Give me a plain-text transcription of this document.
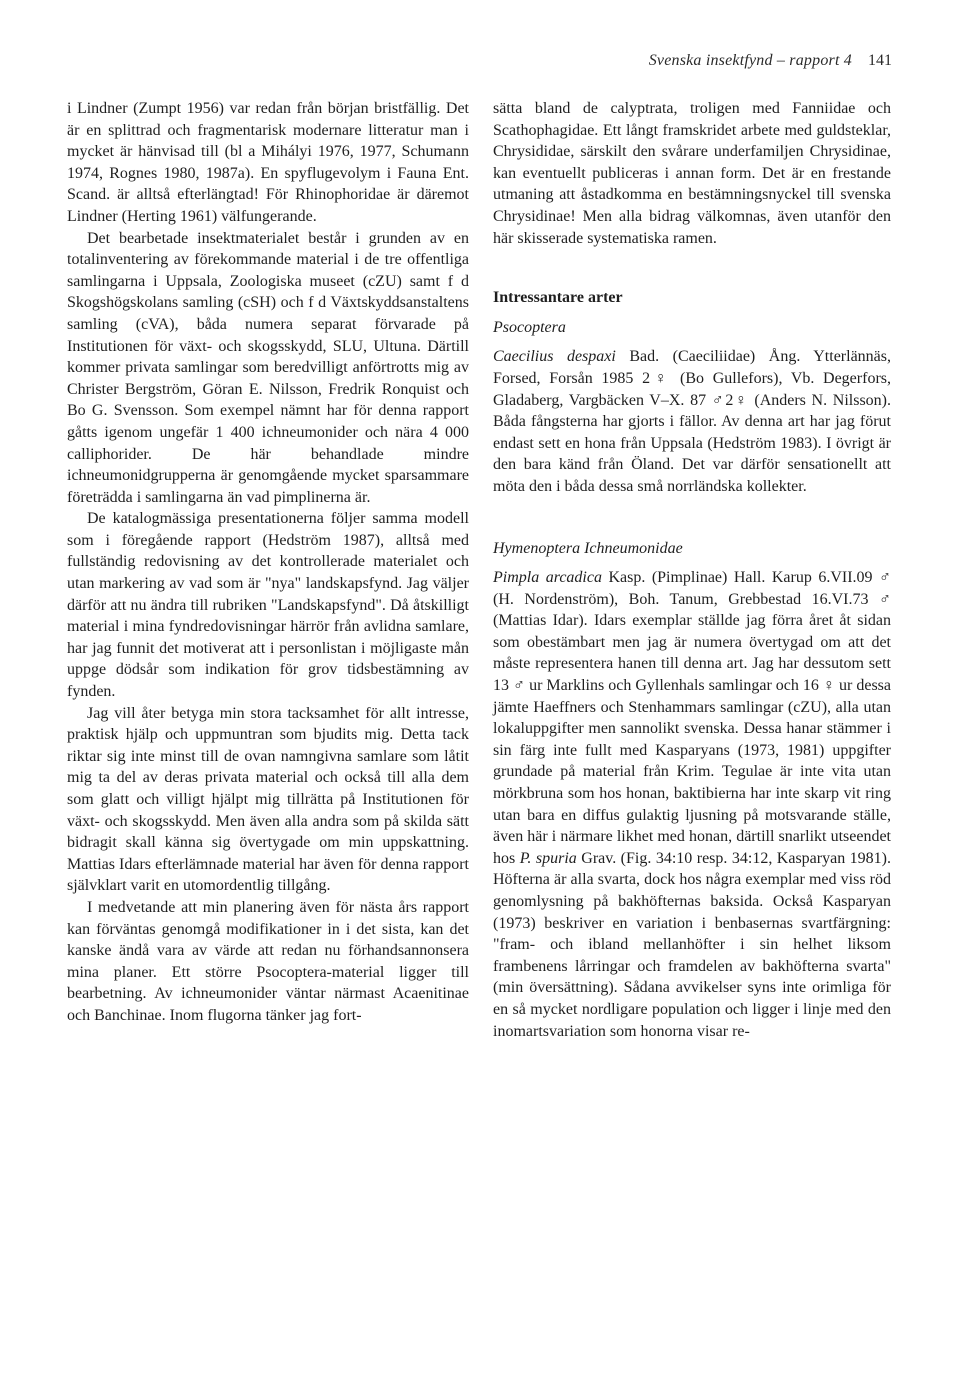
Svenska insektfynd – rapport 4 141

i Lindner (Zumpt 1956) var redan från början bristfällig. Det är en splittrad och fragmentarisk modernare litteratur man i mycket är hänvisad till (bl a Mihályi 1976, 1977, Schumann 1974, Rognes 1980, 1987a). En spyflugevolym i Fauna Ent. Scand. är alltså efterlängtad! För Rhinophoridae är däremot Lindner (Herting 1961) välfungerande.

Det bearbetade insektmaterialet består i grunden av en totalinventering av förekommande material i de tre offentliga samlingarna i Uppsala, Zoologiska museet (cZU) samt f d Skogshögskolans samling (cSH) och f d Växtskyddsanstaltens samling (cVA), båda numera separat förvarade på Institutionen för växt- och skogsskydd, SLU, Ultuna. Därtill kommer privata samlingar som beredvilligt anförtrotts mig av Christer Bergström, Göran E. Nilsson, Fredrik Ronquist och Bo G. Svensson. Som exempel nämnt har för denna rapport gåtts igenom ungefär 1 400 ichneumonider och nära 4 000 calliphorider. De här behandlade mindre ichneumonidgrupperna är genomgående mycket sparsammare företrädda i samlingarna än vad pimplinerna är.

De katalogmässiga presentationerna följer samma modell som i föregående rapport (Hedström 1987), alltså med fullständig redovisning av det kontrollerade materialet och utan markering av vad som är "nya" landskapsfynd. Jag väljer därför att nu ändra till rubriken "Landskapsfynd". Då åtskilligt material i mina fyndredovisningar härrör från avlidna samlare, har jag funnit det motiverat att i personlistan i möjligaste mån uppge dödsår som indikation för grov tidsbestämning av fynden.

Jag vill åter betyga min stora tacksamhet för allt intresse, praktisk hjälp och uppmuntran som bjudits mig. Detta tack riktar sig inte minst till de ovan namngivna samlare som låtit mig ta del av deras privata material och också till alla dem som glatt och villigt hjälpt mig tillrätta på Institutionen för växt- och skogsskydd. Men även alla andra som på skilda sätt bidragit skall känna sig övertygade om min uppskattning. Mattias Idars efterlämnade material har även för denna rapport självklart varit en utomordentlig tillgång.

I medvetande att min planering även för nästa års rapport kan förväntas genomgå modifikationer in i det sista, kan det kanske ändå vara av värde att redan nu förhandsannonsera mina planer. Ett större Psocoptera-material ligger till bearbetning. Av ichneumonider väntar närmast Acaenitinae och Banchinae. Inom flugorna tänker jag fort-

sätta bland de calyptrata, troligen med Fanniidae och Scathophagidae. Ett långt framskridet arbete med guldsteklar, Chrysididae, särskilt den svårare underfamiljen Chrysidinae, kan eventuellt publiceras i annan form. Det är en frestande utmaning att åstadkomma en bestämningsnyckel till svenska Chrysidinae! Men alla bidrag välkomnas, även utanför den här skisserade systematiska ramen.

Intressantare arter

Psocoptera

Caecilius despaxi Bad. (Caeciliidae) Ång. Ytterlännäs, Forsed, Forsån 1985 2♀ (Bo Gullefors), Vb. Degerfors, Gladaberg, Vargbäcken V–X. 87 ♂2♀ (Anders N. Nilsson). Båda fångsterna har gjorts i fällor. Av denna art har jag förut endast sett en hona från Uppsala (Hedström 1983). I övrigt är den bara känd från Öland. Det var därför sensationellt att möta den i båda dessa små norrländska kollekter.

Hymenoptera Ichneumonidae

Pimpla arcadica Kasp. (Pimplinae) Hall. Karup 6.VII.09 ♂ (H. Nordenström), Boh. Tanum, Grebbestad 16.VI.73 ♂ (Mattias Idar). Idars exemplar ställde jag förra året åt sidan som obestämbart men jag är numera övertygad om att det måste representera hanen till denna art. Jag har dessutom sett 13 ♂ ur Marklins och Gyllenhals samlingar och 16 ♀ ur dessa jämte Haeffners och Stenhammars samlingar (cZU), alla utan lokaluppgifter men sannolikt svenska. Dessa hanar stämmer i sin färg inte fullt med Kasparyans (1973, 1981) uppgifter grundade på material från Krim. Tegulae är inte vita utan mörkbruna som hos honan, baktibierna har inte skarp vit ring utan bara en diffus gulaktig ljusning på motsvarande ställe, även här i närmare likhet med honan, därtill snarlikt utseendet hos P. spuria Grav. (Fig. 34:10 resp. 34:12, Kasparyan 1981). Höfterna är alla svarta, dock hos några exemplar med viss röd genomlysning på bakhöfternas baksida. Också Kasparyan (1973) beskriver en variation i benbasernas svartfärgning: "fram- och ibland mellanhöfter i sin helhet liksom frambenens lårringar och framdelen av bakhöfterna svarta" (min översättning). Sådana avvikelser syns inte orimliga för en så mycket nordligare population och ligger i linje med den inomartsvariation som honorna visar re-
